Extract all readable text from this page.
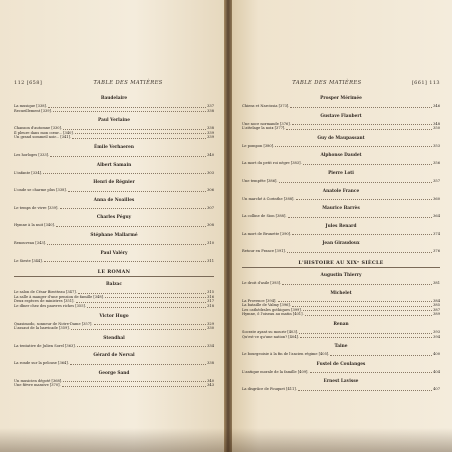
112 [658]	TABLE DES MATIÈRES
Baudelaire
La musique [338].	337
Recueillement [339].	338
Paul Verlaine
Chanson d'automne [330].	338
Il pleure dans mon cœur... [340].	339
Un grand sommeil noir... [341].	339
Émile Verhaeren
Les horloges [333].	340
Albert Samain
L'infante [334].	303
Henri de Régnier
L'onde se charme plus [338].	306
Anna de Noailles
Le temps de vivre [339].	307
Charles Péguy
Hymne à la nuit [340].	308
Stéphane Mallarmé
Renouveau [343].	310
Paul Valéry
Le Sieste [344].	311
LE ROMAN
Balzac
Le salon de César Birotteau [347].	315
La salle à manger d'une pension de famille [348].	316
Deux espèces de ministres [351].	317
Le dîner chez des pauvres riches [355].	318
Victor Hugo
Quasimodo, sonneur de Notre-Dame [357].	329
L'assaut de la barricade [359].	330
Stendhal
La tentative de Julien Sorel [363].	334
Gérard de Nerval
La ronde sur la pelouse [364].	338
George Sand
Un musicien dégoté [368].	340
Une fièvre massive [370].	343
TABLE DES MATIÈRES	[661] 113
Prosper Mérimée
Chiens et Narcissia [373].	346
Gustave Flaubert
Une noce normande [376].	348
L'attelage la noix [377].	350
Guy de Maupassant
Le pompon [380].	353
Alphonse Daudet
La mort du petit roi nègre [383].	356
Pierre Loti
Une tempête [386].	357
Anatole France
Un marché à Corinthe [388].	360
Maurice Barrès
La colline de Sion [388].	364
Jules Renard
La mort de Brunette [390].	374
Jean Giraudoux
Retour en France [391].	376
L'HISTOIRE AU XIXᵉ SIÈCLE
Augustin Thierry
Le droit d'asile [393].	381
Michelet
La Provence [394].	384
La bataille de Valmy [396].	385
Les cathédrales gothiques [399].	387
Hymne, ô l'oiseau au matin [401].	389
Renan
Socrate ayant su mourir [403].	393
Qu'est-ce qu'une nation? [404].	394
Taine
Le bourgeoisie à la fin de l'ancien régime [405].	400
Fustel de Coulanges
L'antique morale de la famille [409].	404
Ernest Lavisse
La disgrâce de Fouquet [411].	407
